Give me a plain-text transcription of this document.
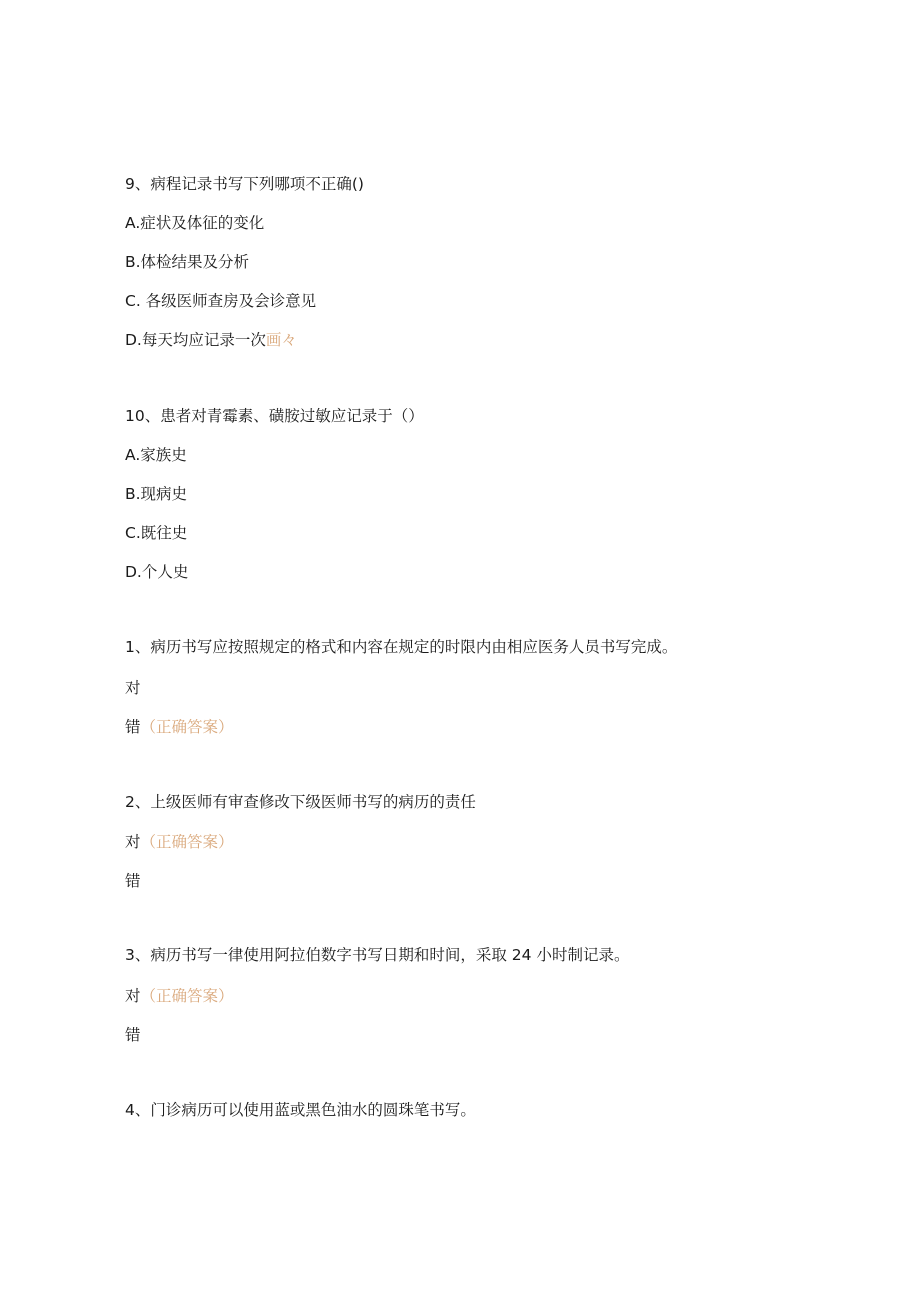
9、病程记录书写下列哪项不正确()
A.症状及体征的变化
B.体检结果及分析
C. 各级医师查房及会诊意见
D.每天均应记录一次画々
10、患者对青霉素、磺胺过敏应记录于（）
A.家族史
B.现病史
C.既往史
D.个人史
1、病历书写应按照规定的格式和内容在规定的时限内由相应医务人员书写完成。
对
错（正确答案）
2、上级医师有审查修改下级医师书写的病历的责任
对（正确答案）
错
3、病历书写一律使用阿拉伯数字书写日期和时间，采取 24 小时制记录。
对（正确答案）
错
4、门诊病历可以使用蓝或黑色油水的圆珠笔书写。
